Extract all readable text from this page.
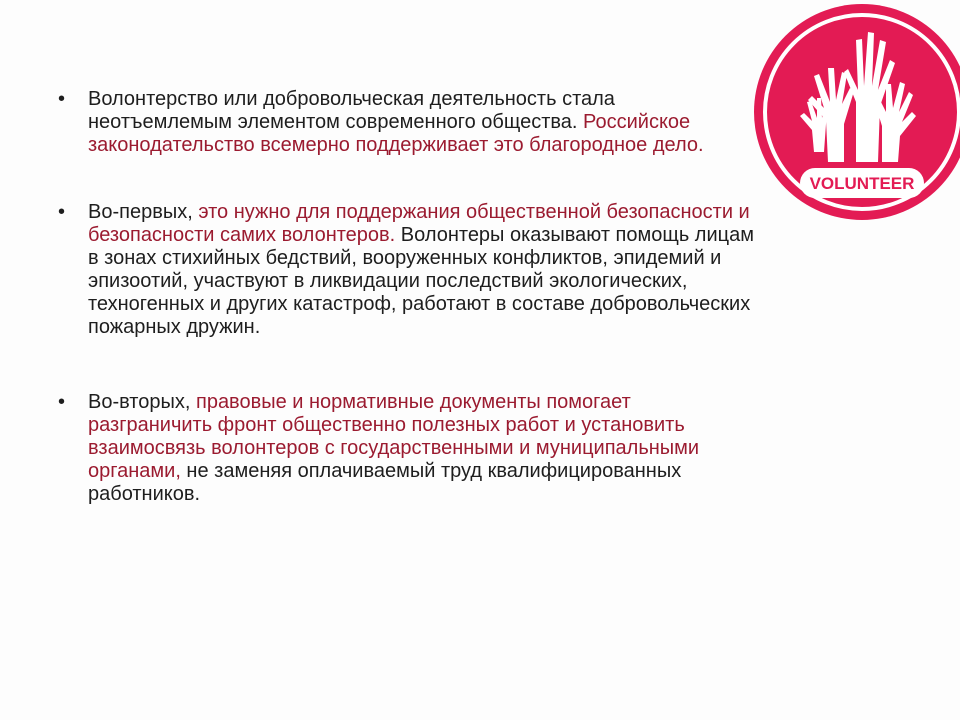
• Волонтерство или добровольческая деятельность стала неотъемлемым элементом современного общества. Российское законодательство всемерно поддерживает это благородное дело.
• Во-первых, это нужно для поддержания общественной безопасности и безопасности самих волонтеров. Волонтеры оказывают помощь лицам в зонах стихийных бедствий, вооруженных конфликтов, эпидемий и эпизоотий, участвуют в ликвидации последствий экологических, техногенных и других катастроф, работают в составе добровольческих пожарных дружин.
• Во-вторых, правовые и нормативные документы помогает разграничить фронт общественно полезных работ и установить взаимосвязь волонтеров с государственными и муниципальными органами, не заменяя оплачиваемый труд квалифицированных работников.
VOLUNTEER
